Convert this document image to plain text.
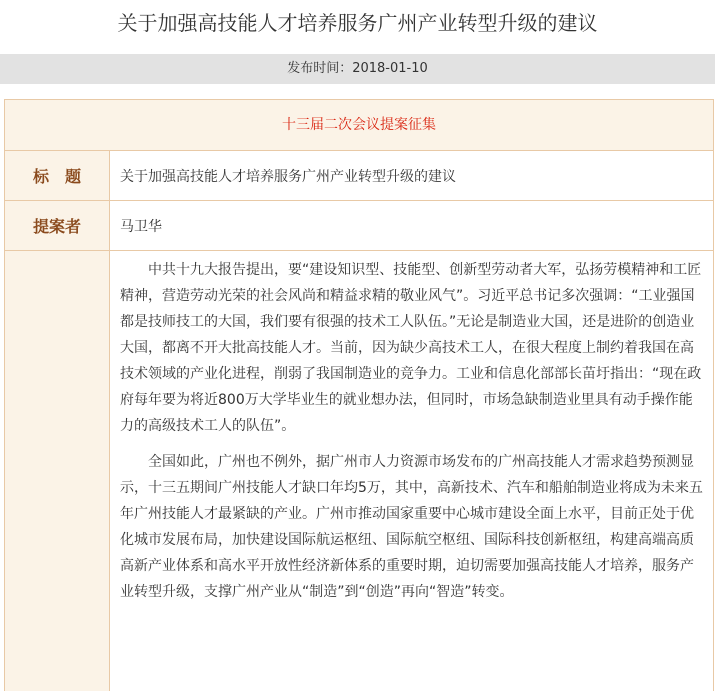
关于加强高技能人才培养服务广州产业转型升级的建议
发布时间：2018-01-10
十三届二次会议提案征集
标　题	关于加强高技能人才培养服务广州产业转型升级的建议
提案者	马卫华

中共十九大报告提出，要“建设知识型、技能型、创新型劳动者大军，弘扬劳模精神和工匠精神，营造劳动光荣的社会风尚和精益求精的敬业风气”。习近平总书记多次强调：“工业强国都是技师技工的大国，我们要有很强的技术工人队伍。”无论是制造业大国，还是进阶的创造业大国，都离不开大批高技能人才。当前，因为缺少高技术工人，在很大程度上制约着我国在高技术领域的产业化进程，削弱了我国制造业的竞争力。工业和信息化部部长苗圩指出：“现在政府每年要为将近800万大学毕业生的就业想办法，但同时，市场急缺制造业里具有动手操作能力的高级技术工人的队伍”。

全国如此，广州也不例外，据广州市人力资源市场发布的广州高技能人才需求趋势预测显示，十三五期间广州技能人才缺口年均5万，其中，高新技术、汽车和船舶制造业将成为未来五年广州技能人才最紧缺的产业。广州市推动国家重要中心城市建设全面上水平，目前正处于优化城市发展布局，加快建设国际航运枢纽、国际航空枢纽、国际科技创新枢纽，构建高端高质高新产业体系和高水平开放性经济新体系的重要时期，迫切需要加强高技能人才培养，服务产业转型升级，支撑广州产业从“制造”到“创造”再向“智造”转变。
